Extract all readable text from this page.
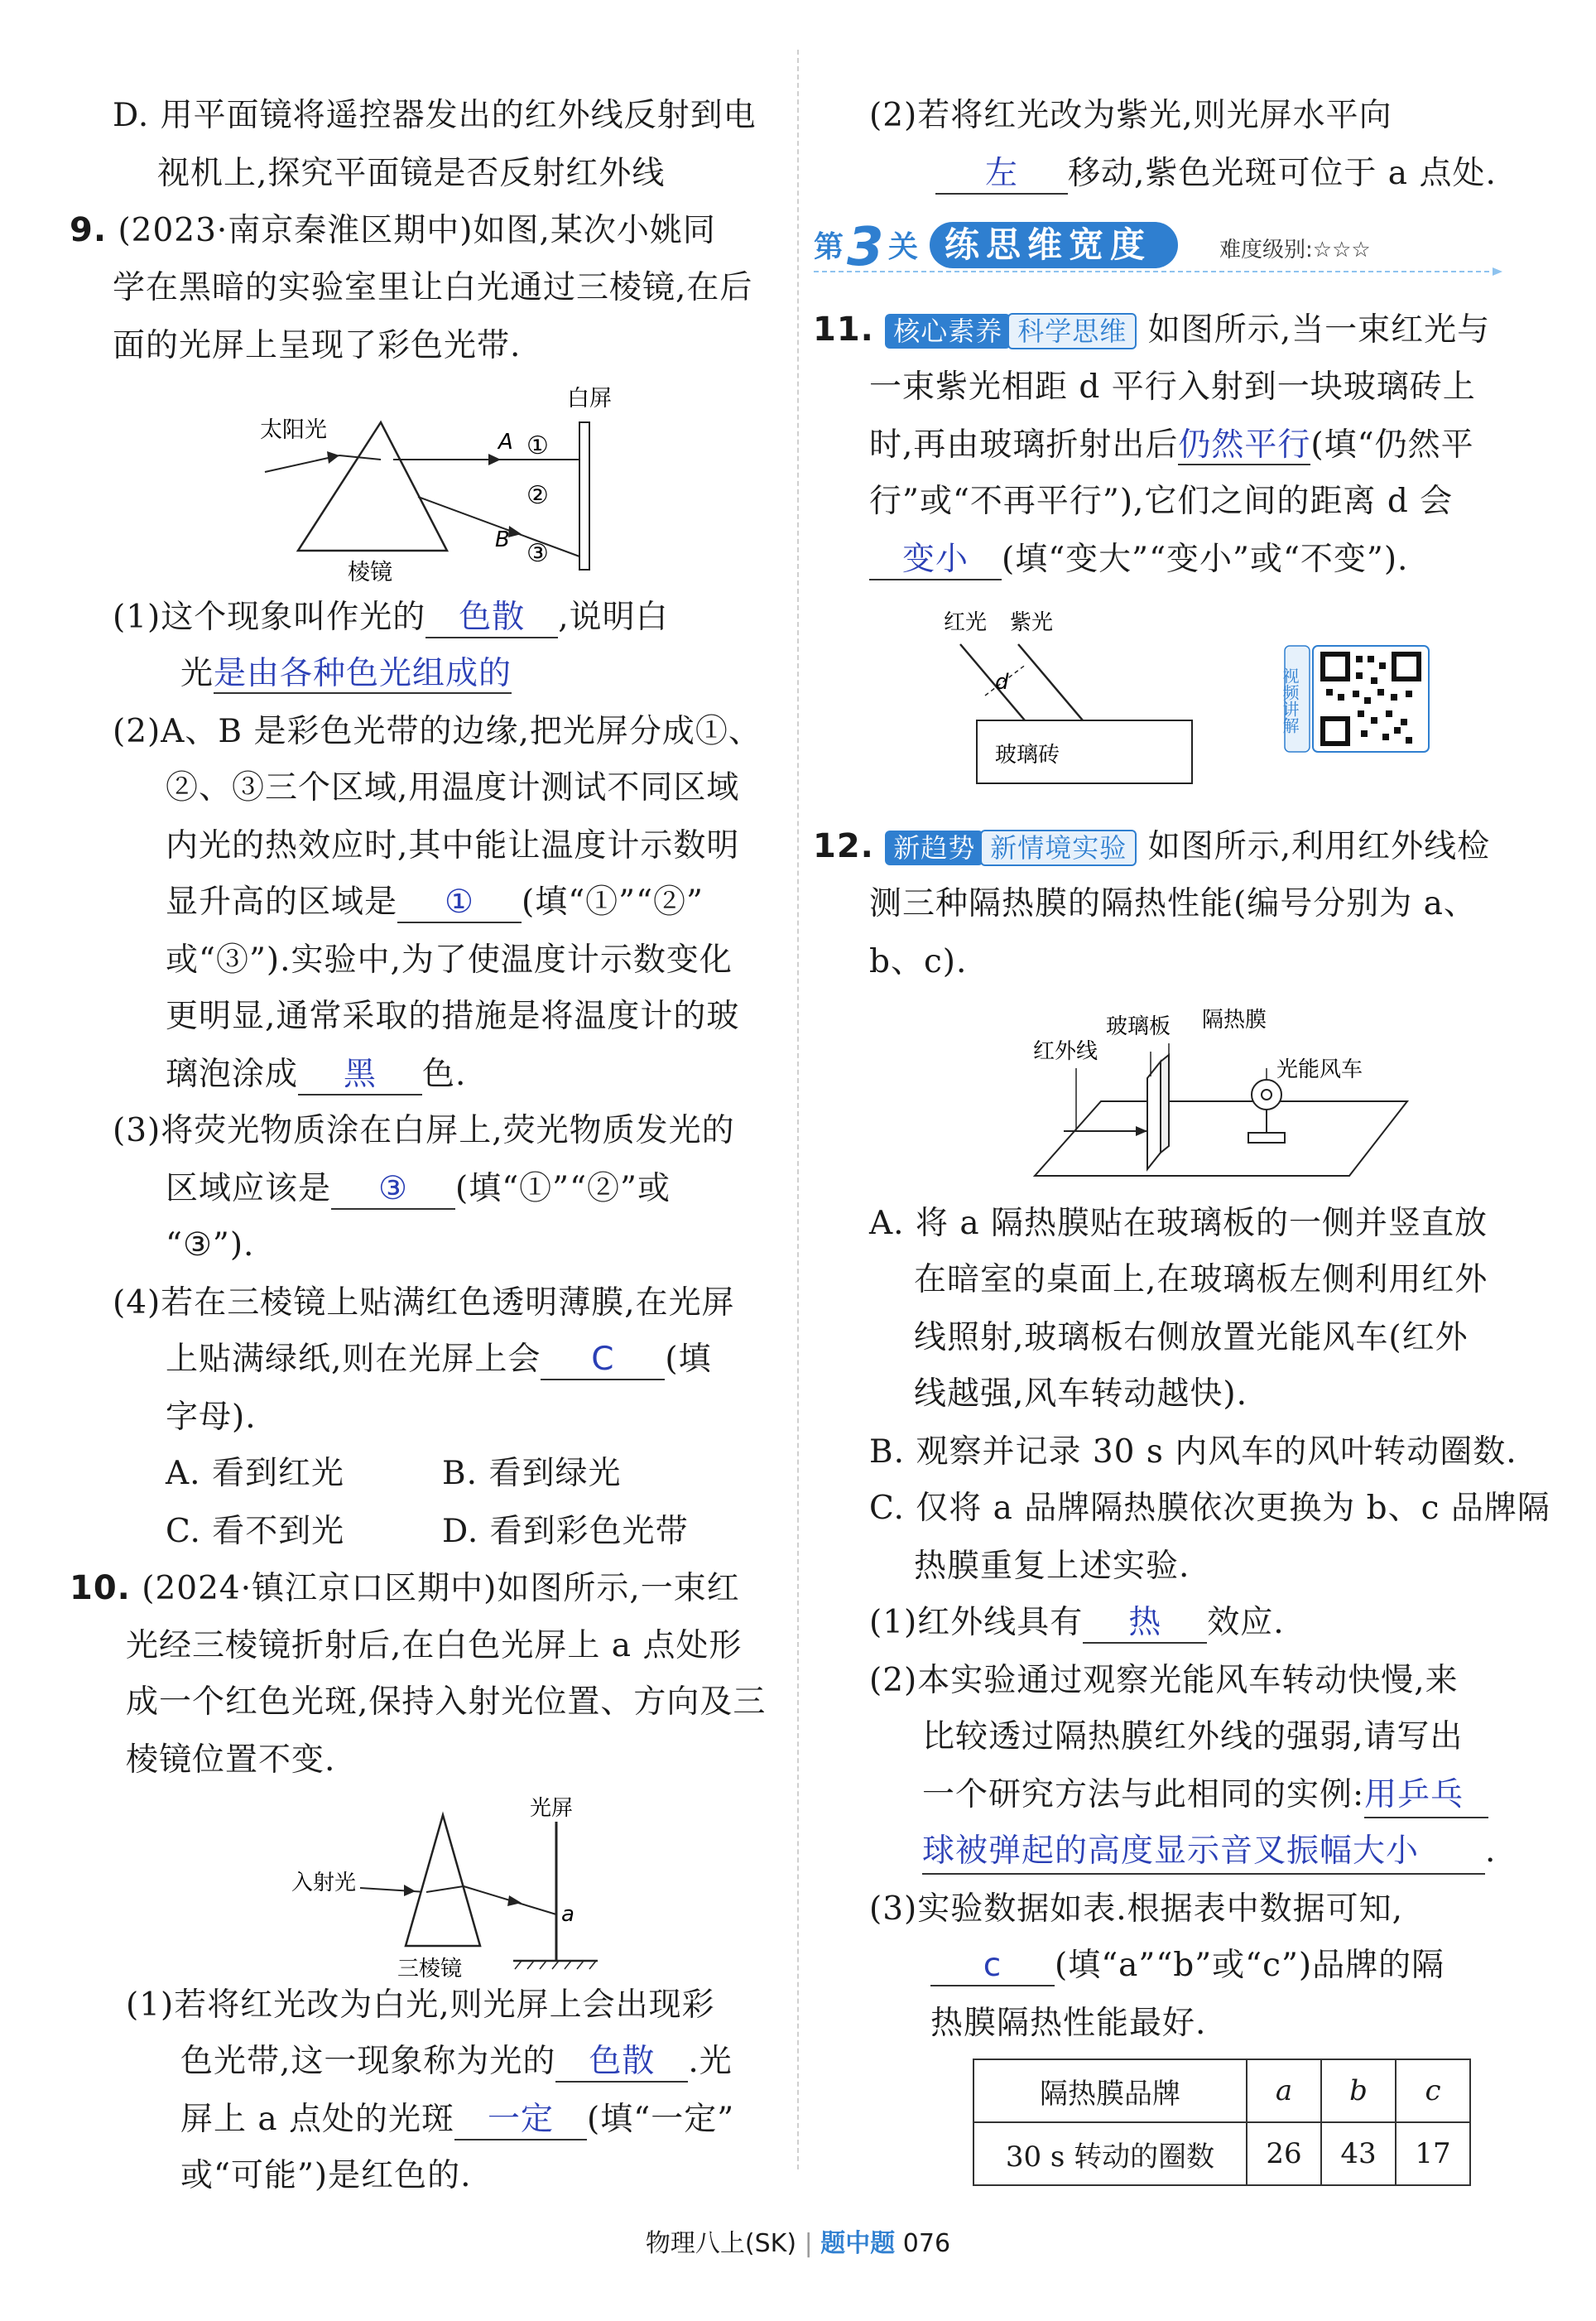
D. 用平面镜将遥控器发出的红外线反射到电
视机上,探究平面镜是否反射红外线
9. (2023·南京秦淮区期中)如图,某次小姚同
学在黑暗的实验室里让白光通过三棱镜,在后
面的光屏上呈现了彩色光带.
太阳光	A
B
①
②
③
白屏
棱镜
(1)这个现象叫作光的 色散 ,说明白
光是由各种色光组成的
(2)A、B 是彩色光带的边缘,把光屏分成①、
②、③三个区域,用温度计测试不同区域
内光的热效应时,其中能让温度计示数明
显升高的区域是 ① (填“①”“②”
或“③”).实验中,为了使温度计示数变化
更明显,通常采取的措施是将温度计的玻
璃泡涂成 黑 色.
(3)将荧光物质涂在白屏上,荧光物质发光的
区域应该是 ③ (填“①”“②”或
“③”).
(4)若在三棱镜上贴满红色透明薄膜,在光屏
上贴满绿纸,则在光屏上会 C (填
字母).
A. 看到红光	B. 看到绿光
C. 看不到光	D. 看到彩色光带
10. (2024·镇江京口区期中)如图所示,一束红
光经三棱镜折射后,在白色光屏上 a 点处形
成一个红色光斑,保持入射光位置、方向及三
棱镜位置不变.
入射光
光屏
a
三棱镜
(1)若将红光改为白光,则光屏上会出现彩
色光带,这一现象称为光的 色散 .光
屏上 a 点处的光斑 一定 (填“一定”
或“可能”)是红色的.
(2)若将红光改为紫光,则光屏水平向
左 移动,紫色光斑可位于 a 点处.
第 3 关 练思维宽度	难度级别:☆☆☆
11. 核心素养 科学思维 如图所示,当一束红光与
一束紫光相距 d 平行入射到一块玻璃砖上
时,再由玻璃折射出后仍然平行(填“仍然平
行”或“不再平行”),它们之间的距离 d 会
变小 (填“变大”“变小”或“不变”).
红光 紫光
d
玻璃砖
视频讲解
12. 新趋势 新情境实验 如图所示,利用红外线检
测三种隔热膜的隔热性能(编号分别为 a、
b、c).
红外线
玻璃板 隔热膜
光能风车
A. 将 a 隔热膜贴在玻璃板的一侧并竖直放
在暗室的桌面上,在玻璃板左侧利用红外
线照射,玻璃板右侧放置光能风车(红外
线越强,风车转动越快).
B. 观察并记录 30 s 内风车的风叶转动圈数.
C. 仅将 a 品牌隔热膜依次更换为 b、c 品牌隔
热膜重复上述实验.
(1)红外线具有 热 效应.
(2)本实验通过观察光能风车转动快慢,来
比较透过隔热膜红外线的强弱,请写出
一个研究方法与此相同的实例:用乒乓
球被弹起的高度显示音叉振幅大小 .
(3)实验数据如表.根据表中数据可知,
c (填“a”“b”或“c”)品牌的隔
热膜隔热性能最好.
隔热膜品牌	a	b	c
30 s 转动的圈数	26	43	17
物理八上(SK) | 题中题 076
